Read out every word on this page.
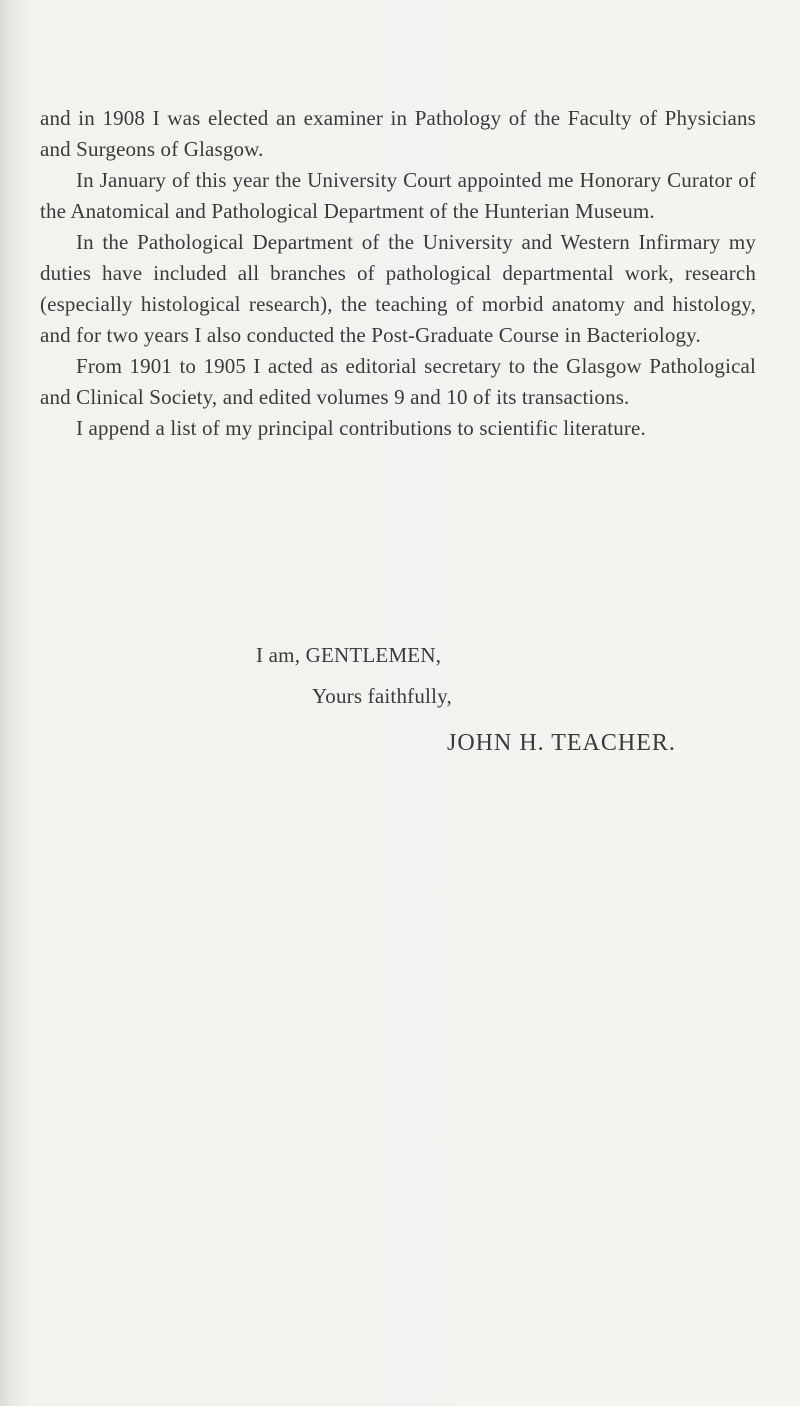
and in 1908 I was elected an examiner in Pathology of the Faculty of Physicians and Surgeons of Glasgow.

In January of this year the University Court appointed me Honorary Curator of the Anatomical and Pathological Department of the Hunterian Museum.

In the Pathological Department of the University and Western Infirmary my duties have included all branches of pathological departmental work, research (especially histological research), the teaching of morbid anatomy and histology, and for two years I also conducted the Post-Graduate Course in Bacteriology.

From 1901 to 1905 I acted as editorial secretary to the Glasgow Pathological and Clinical Society, and edited volumes 9 and 10 of its transactions.

I append a list of my principal contributions to scientific literature.

I am, GENTLEMEN,
Yours faithfully,
JOHN H. TEACHER.
